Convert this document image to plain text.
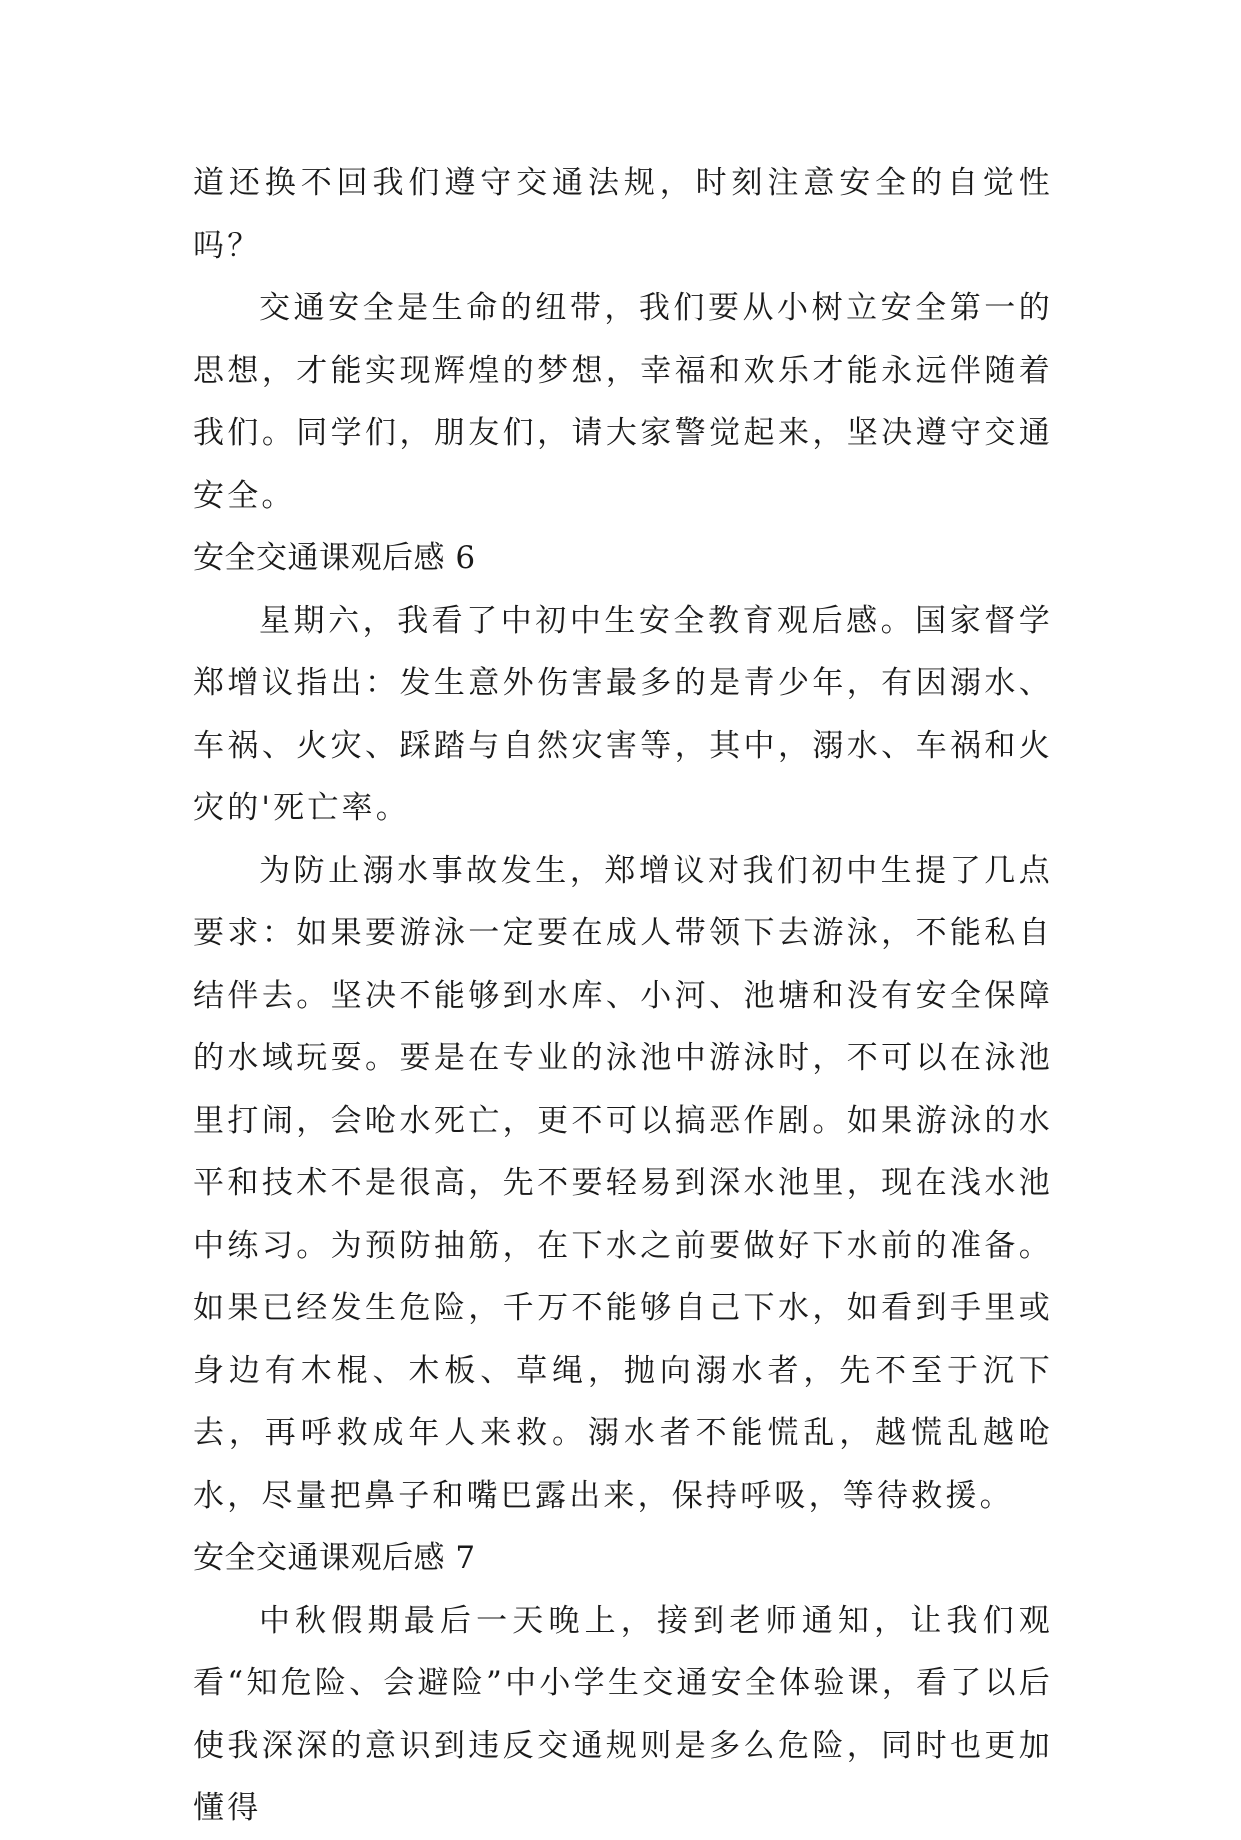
道还换不回我们遵守交通法规，时刻注意安全的自觉性吗？

交通安全是生命的纽带，我们要从小树立安全第一的思想，才能实现辉煌的梦想，幸福和欢乐才能永远伴随着我们。同学们，朋友们，请大家警觉起来，坚决遵守交通安全。

安全交通课观后感 6

星期六，我看了中初中生安全教育观后感。国家督学郑增议指出：发生意外伤害最多的是青少年，有因溺水、车祸、火灾、踩踏与自然灾害等，其中，溺水、车祸和火灾的'死亡率。

为防止溺水事故发生，郑增议对我们初中生提了几点要求：如果要游泳一定要在成人带领下去游泳，不能私自结伴去。坚决不能够到水库、小河、池塘和没有安全保障的水域玩耍。要是在专业的泳池中游泳时，不可以在泳池里打闹，会呛水死亡，更不可以搞恶作剧。如果游泳的水平和技术不是很高，先不要轻易到深水池里，现在浅水池中练习。为预防抽筋，在下水之前要做好下水前的准备。如果已经发生危险，千万不能够自己下水，如看到手里或身边有木棍、木板、草绳，抛向溺水者，先不至于沉下去，再呼救成年人来救。溺水者不能慌乱，越慌乱越呛水，尽量把鼻子和嘴巴露出来，保持呼吸，等待救援。

安全交通课观后感 7

中秋假期最后一天晚上，接到老师通知，让我们观看“知危险、会避险”中小学生交通安全体验课，看了以后使我深深的意识到违反交通规则是多么危险，同时也更加懂得
